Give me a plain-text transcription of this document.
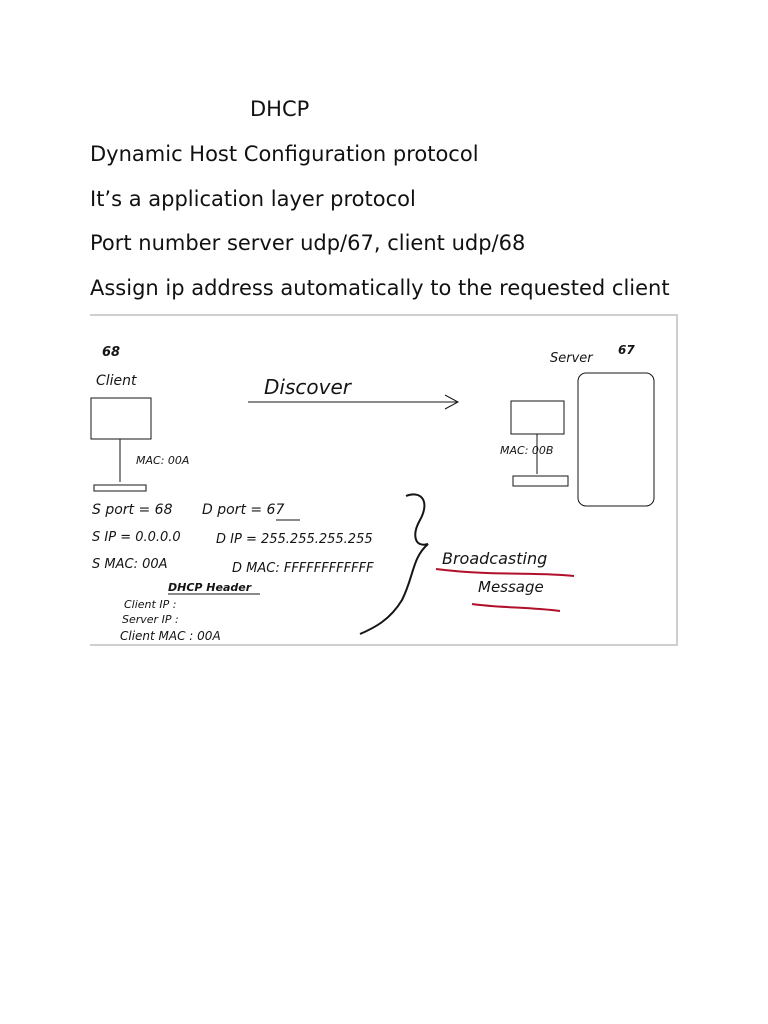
DHCP
Dynamic Host Configuration protocol
It’s a application layer protocol
Port number server udp/67, client udp/68
Assign ip address automatically to the requested client
68
Client
MAC: 00A
Discover
Server
67
MAC: 00B
S port = 68 D port = 67
S IP = 0.0.0.0	D IP = 255.255.255.255
S MAC: 00A	D MAC: FFFFFFFFFFFF
DHCP Header
Client IP :
Server IP :
Client MAC : 00A
Broadcasting
Message
